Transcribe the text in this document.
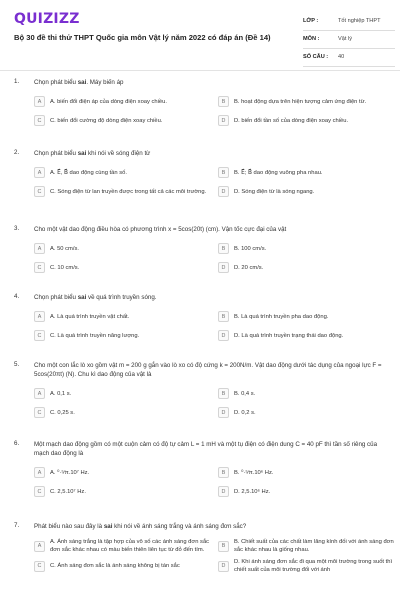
QUIZIZZ
Bộ 30 đề thi thử THPT Quốc gia môn Vật lý năm 2022 có đáp án (Đề 14)
LỚP :	Tốt nghiệp THPT
MÔN :	Vật lý
SỐ CÂU : 40
1. Chọn phát biểu sai. Máy biến áp
A	A. biến đổi điện áp của dòng điện xoay chiều.	B	B. hoạt động dựa trên hiện tượng cảm ứng điện từ.
C	C. biến đổi cường độ dòng điện xoay chiều.	D	D. biến đổi tần số của dòng điện xoay chiều.
2. Chọn phát biểu sai khi nói về sóng điện từ
A	A. E⃗, B⃗ dao động cùng tần số.	B	B. E⃗; B⃗ dao động vuông pha nhau.
C	C. Sóng điện từ lan truyền được trong tất cả các môi trường.	D	D. Sóng điện từ là sóng ngang.
3. Cho một vật dao động điều hòa có phương trình x = 5cos(20t) (cm). Vận tốc cực đại của vật
A	A. 50 cm/s.	B	B. 100 cm/s.
C	C. 10 cm/s.	D	D. 20 cm/s.
4. Chọn phát biểu sai về quá trình truyền sóng.
A	A. Là quá trình truyền vật chất.	B	B. Là quá trình truyền pha dao động.
C	C. Là quá trình truyền năng lượng.	D	D. Là quá trình truyền trạng thái dao động.
5. Cho một con lắc lò xo gồm vật m = 200 g gắn vào lò xo có độ cứng k = 200N/m. Vật dao động dưới tác dụng của ngoại lực F = 5cos(20πt) (N). Chu kì dao động của vật là
A	A. 0,1 s.	B	B. 0,4 s.
C	C. 0,25 s.	D	D. 0,2 s.
6. Một mạch dao động gồm có một cuộn cảm có độ tự cảm L = 1 mH và một tụ điện có điện dung C = 40 pF thì tần số riêng của mạch dao động là
A	A. ⁰·⁵⁄π.10⁷ Hz.	B	B. ⁰·⁵⁄π.10⁶ Hz.
C	C. 2,5.10⁷ Hz.	D	D. 2,5.10⁶ Hz.
7. Phát biểu nào sau đây là sai khi nói về ánh sáng trắng và ánh sáng đơn sắc?
A
A. Ánh sáng trắng là tập hợp của vô số các ánh sáng đơn sắc đơn sắc khác nhau có màu biến thiên liên tục từ đỏ đến tím.
B
B. Chiết suất của các chất làm lăng kính đối với ánh sáng đơn sắc khác nhau là giống nhau.
C	C. Ánh sáng đơn sắc là ánh sáng không bị tán sắc	D
D. Khi ánh sáng đơn sắc đi qua một môi trường trong suốt thì chiết suất của môi trường đối với ánh
